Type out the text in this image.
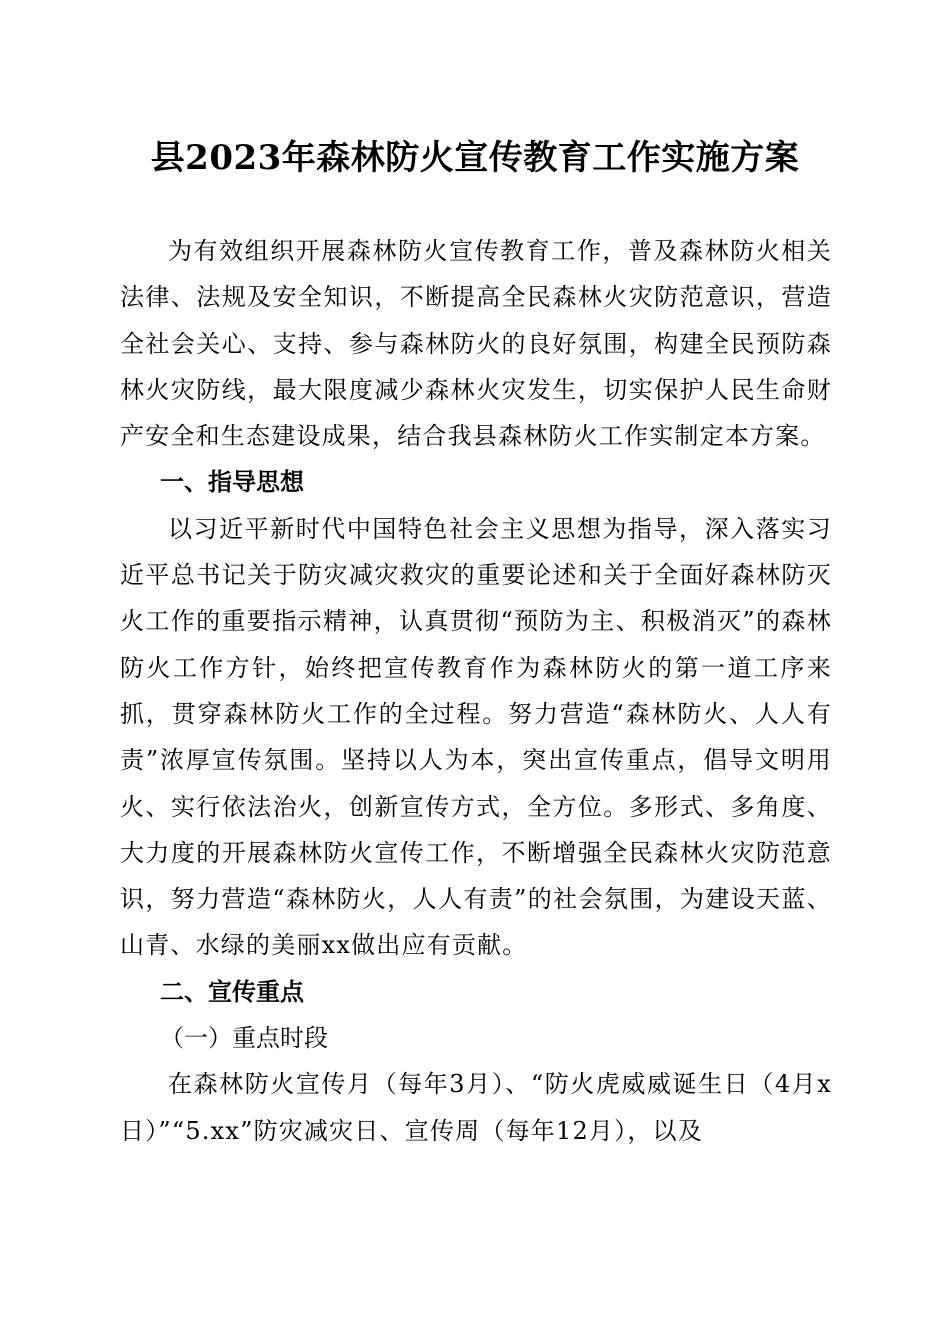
县2023年森林防火宣传教育工作实施方案

为有效组织开展森林防火宣传教育工作，普及森林防火相关法律、法规及安全知识，不断提高全民森林火灾防范意识，营造全社会关心、支持、参与森林防火的良好氛围，构建全民预防森林火灾防线，最大限度减少森林火灾发生，切实保护人民生命财产安全和生态建设成果，结合我县森林防火工作实制定本方案。

一、指导思想

以习近平新时代中国特色社会主义思想为指导，深入落实习近平总书记关于防灾减灾救灾的重要论述和关于全面好森林防灭火工作的重要指示精神，认真贯彻“预防为主、积极消灭”的森林防火工作方针，始终把宣传教育作为森林防火的第一道工序来抓，贯穿森林防火工作的全过程。努力营造“森林防火、人人有责”浓厚宣传氛围。坚持以人为本，突出宣传重点，倡导文明用火、实行依法治火，创新宣传方式，全方位。多形式、多角度、大力度的开展森林防火宣传工作，不断增强全民森林火灾防范意识，努力营造“森林防火，人人有责”的社会氛围，为建设天蓝、山青、水绿的美丽xx做出应有贡献。

二、宣传重点
（一）重点时段

在森林防火宣传月（每年3月）、“防火虎威威诞生日（4月x日）”“5.xx”防灾减灾日、宣传周（每年12月），以及
